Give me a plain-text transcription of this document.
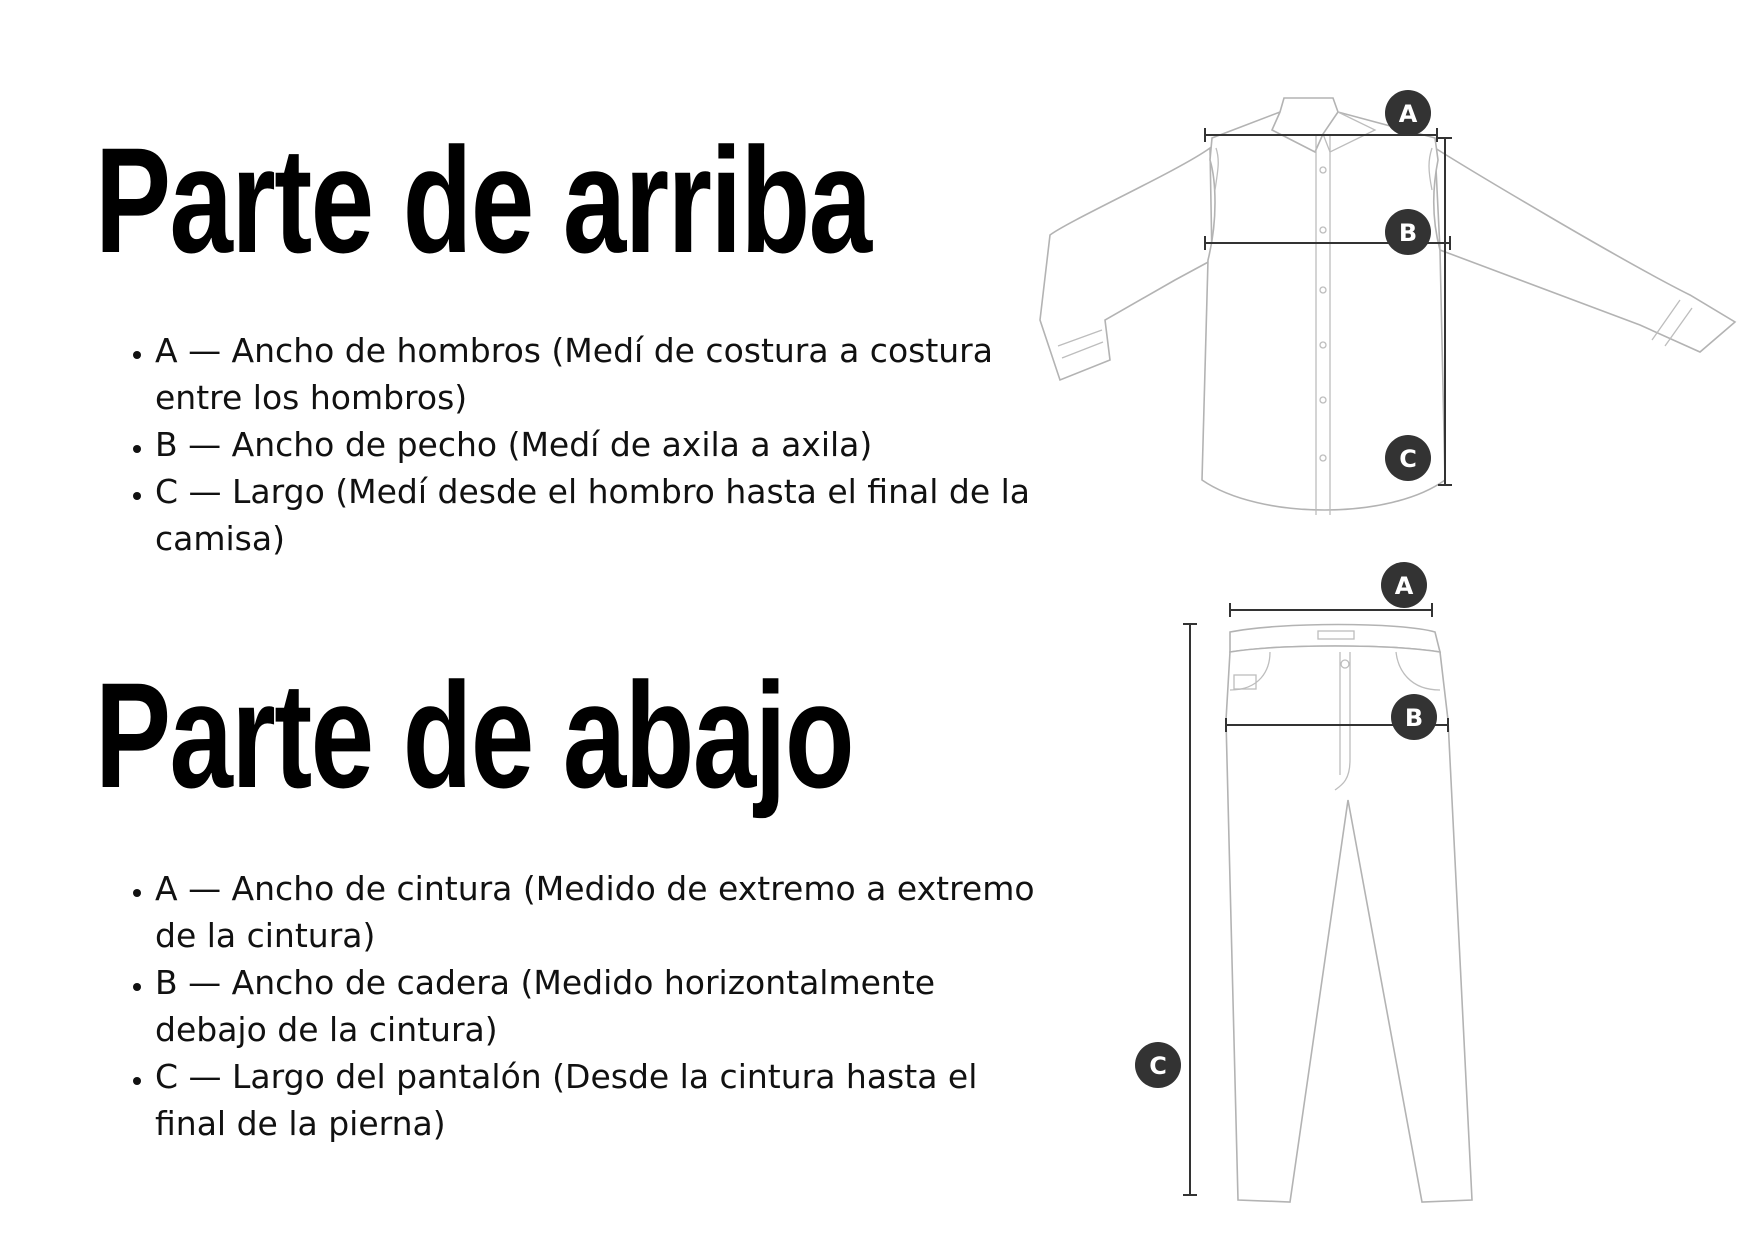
Parte de arriba
• A — Ancho de hombros (Medí de costura a costura entre los hombros)
• B — Ancho de pecho (Medí de axila a axila)
• C — Largo (Medí desde el hombro hasta el final de la camisa)
Parte de abajo
• A — Ancho de cintura (Medido de extremo a extremo de la cintura)
• B — Ancho de cadera (Medido horizontalmente debajo de la cintura)
• C — Largo del pantalón (Desde la cintura hasta el final de la pierna)
A
B
C
A
B
C
